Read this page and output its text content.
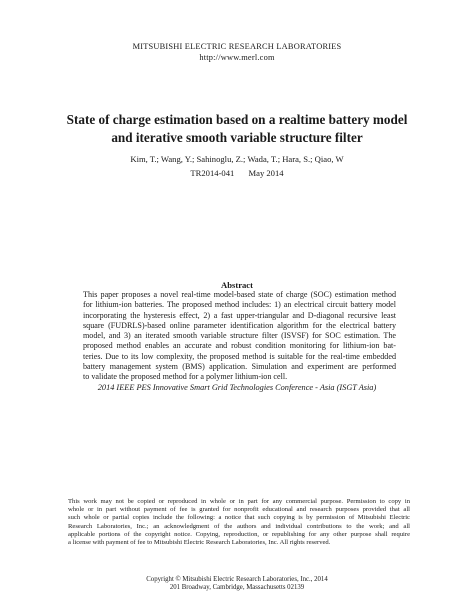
MITSUBISHI ELECTRIC RESEARCH LABORATORIES
http://www.merl.com
State of charge estimation based on a realtime battery model
and iterative smooth variable structure filter
Kim, T.; Wang, Y.; Sahinoglu, Z.; Wada, T.; Hara, S.; Qiao, W
TR2014-041 May 2014
Abstract
This paper proposes a novel real-time model-based state of charge (SOC) estimation method
for lithium-ion batteries. The proposed method includes: 1) an electrical circuit battery model
incorporating the hysteresis effect, 2) a fast upper-triangular and D-diagonal recursive least
square (FUDRLS)-based online parameter identification algorithm for the electrical battery
model, and 3) an iterated smooth variable structure filter (ISVSF) for SOC estimation. The
proposed method enables an accurate and robust condition monitoring for lithium-ion bat-
teries. Due to its low complexity, the proposed method is suitable for the real-time embedded
battery management system (BMS) application. Simulation and experiment are performed
to validate the proposed method for a polymer lithium-ion cell.
2014 IEEE PES Innovative Smart Grid Technologies Conference - Asia (ISGT Asia)
This work may not be copied or reproduced in whole or in part for any commercial purpose. Permission to copy in
whole or in part without payment of fee is granted for nonprofit educational and research purposes provided that all
such whole or partial copies include the following: a notice that such copying is by permission of Mitsubishi Electric
Research Laboratories, Inc.; an acknowledgment of the authors and individual contributions to the work; and all
applicable portions of the copyright notice. Copying, reproduction, or republishing for any other purpose shall require
a license with payment of fee to Mitsubishi Electric Research Laboratories, Inc. All rights reserved.
Copyright © Mitsubishi Electric Research Laboratories, Inc., 2014
201 Broadway, Cambridge, Massachusetts 02139
